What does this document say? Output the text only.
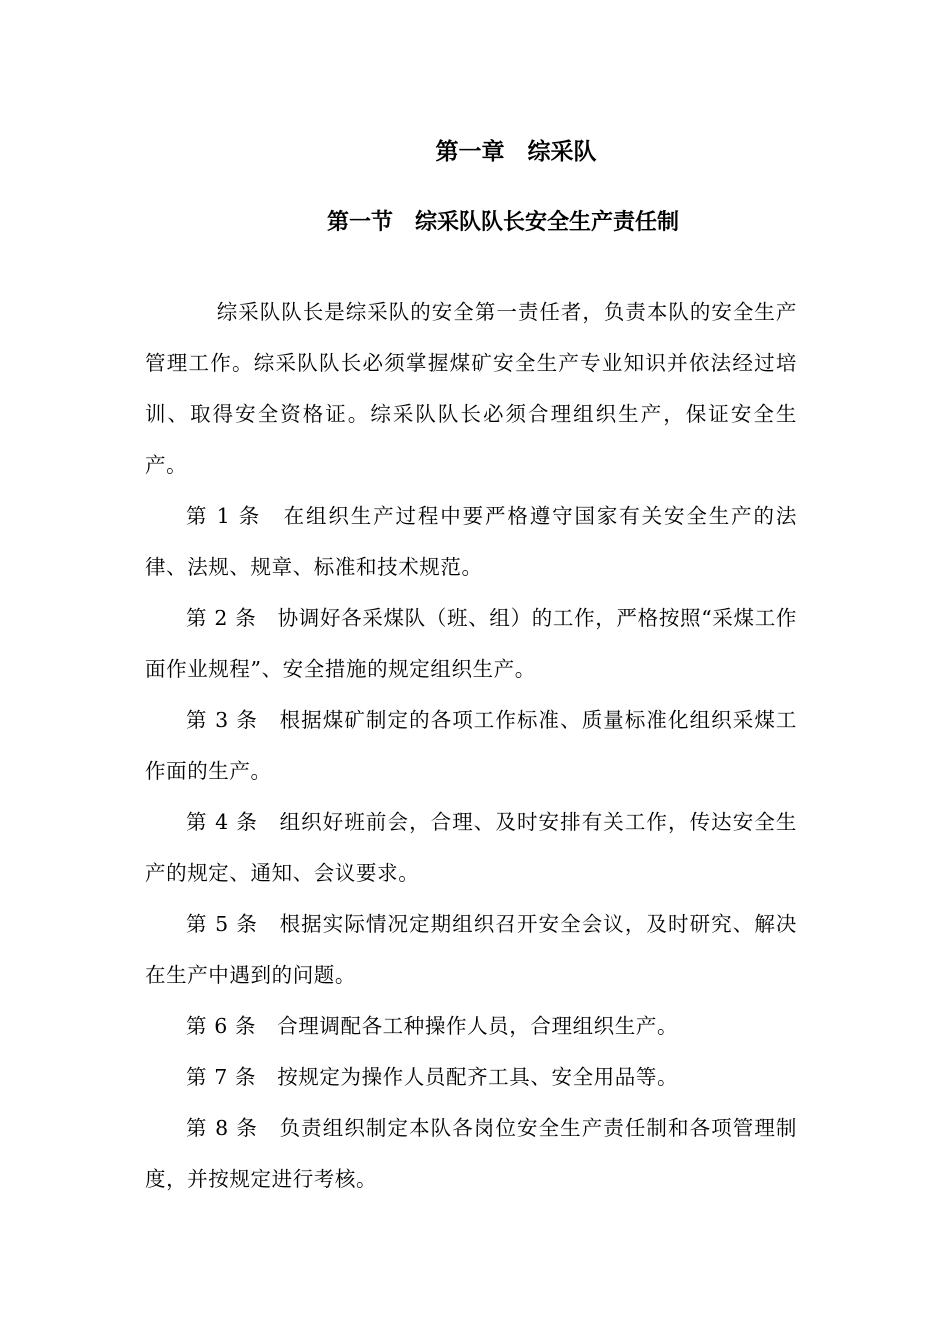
第一章　综采队
第一节　综采队队长安全生产责任制

综采队队长是综采队的安全第一责任者，负责本队的安全生产管理工作。综采队队长必须掌握煤矿安全生产专业知识并依法经过培训、取得安全资格证。综采队队长必须合理组织生产，保证安全生产。

第 1 条　 在组织生产过程中要严格遵守国家有关安全生产的法律、法规、规章、标准和技术规范。

第 2 条　 协调好各采煤队（班、组）的工作，严格按照“采煤工作面作业规程”、安全措施的规定组织生产。

第 3 条　 根据煤矿制定的各项工作标准、质量标准化组织采煤工作面的生产。

第 4 条　 组织好班前会，合理、及时安排有关工作，传达安全生产的规定、通知、会议要求。

第 5 条　 根据实际情况定期组织召开安全会议，及时研究、解决在生产中遇到的问题。

第 6 条　 合理调配各工种操作人员，合理组织生产。

第 7 条　 按规定为操作人员配齐工具、安全用品等。

第 8 条　 负责组织制定本队各岗位安全生产责任制和各项管理制度，并按规定进行考核。
